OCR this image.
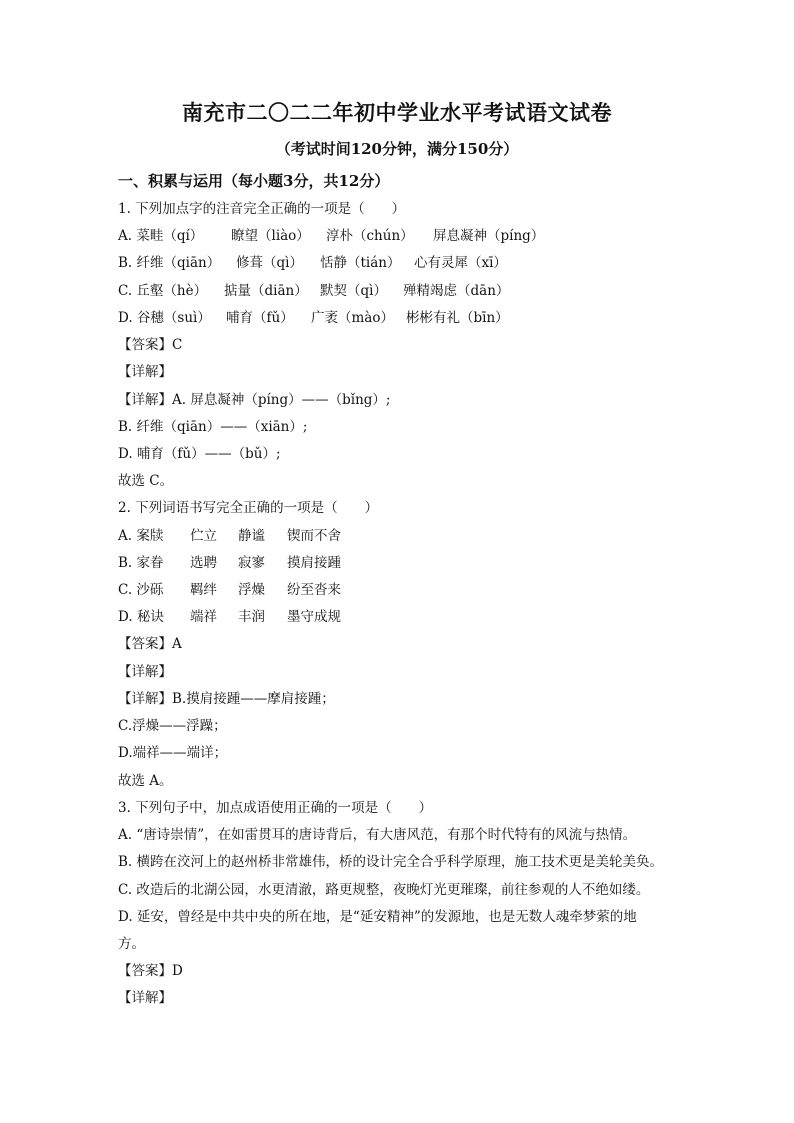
南充市二〇二二年初中学业水平考试语文试卷
（考试时间120分钟，满分150分）
一、积累与运用（每小题3分，共12分）
1. 下列加点字的注音完全正确的一项是（　　）
A. 菜畦（qí） 瞭望（liào） 淳朴（chún） 屏息凝神（píng）
B. 纤维（qiān） 修葺（qì） 恬静（tián） 心有灵犀（xī）
C. 丘壑（hè） 掂量（diān） 默契（qì） 殚精竭虑（dān）
D. 谷穗（suì） 哺育（fǔ） 广袤（mào） 彬彬有礼（bīn）
【答案】C
【详解】
【详解】A. 屏息凝神（píng）——（bǐng）;
B. 纤维（qiān）——（xiān）;
D. 哺育（fǔ）——（bǔ）;
故选 C。
2. 下列词语书写完全正确的一项是（　　）
A. 案牍 伫立 静谧 锲而不舍
B. 家眷 选聘 寂寥 摸肩接踵
C. 沙砾 羁绊 浮燥 纷至沓来
D. 秘诀 端祥 丰润 墨守成规
【答案】A
【详解】
【详解】B.摸肩接踵——摩肩接踵；
C.浮燥——浮躁；
D.端祥——端详；
故选 A。
3. 下列句子中，加点成语使用正确的一项是（　　）
A. “唐诗崇情”，在如雷贯耳的唐诗背后，有大唐风范，有那个时代特有的风流与热情。
B. 横跨在洨河上的赵州桥非常雄伟，桥的设计完全合乎科学原理，施工技术更是美轮美奂。
C. 改造后的北湖公园，水更清澈，路更规整，夜晚灯光更璀璨，前往参观的人不绝如缕。
D. 延安，曾经是中共中央的所在地，是“延安精神”的发源地，也是无数人魂牵梦萦的地
方。
【答案】D
【详解】
